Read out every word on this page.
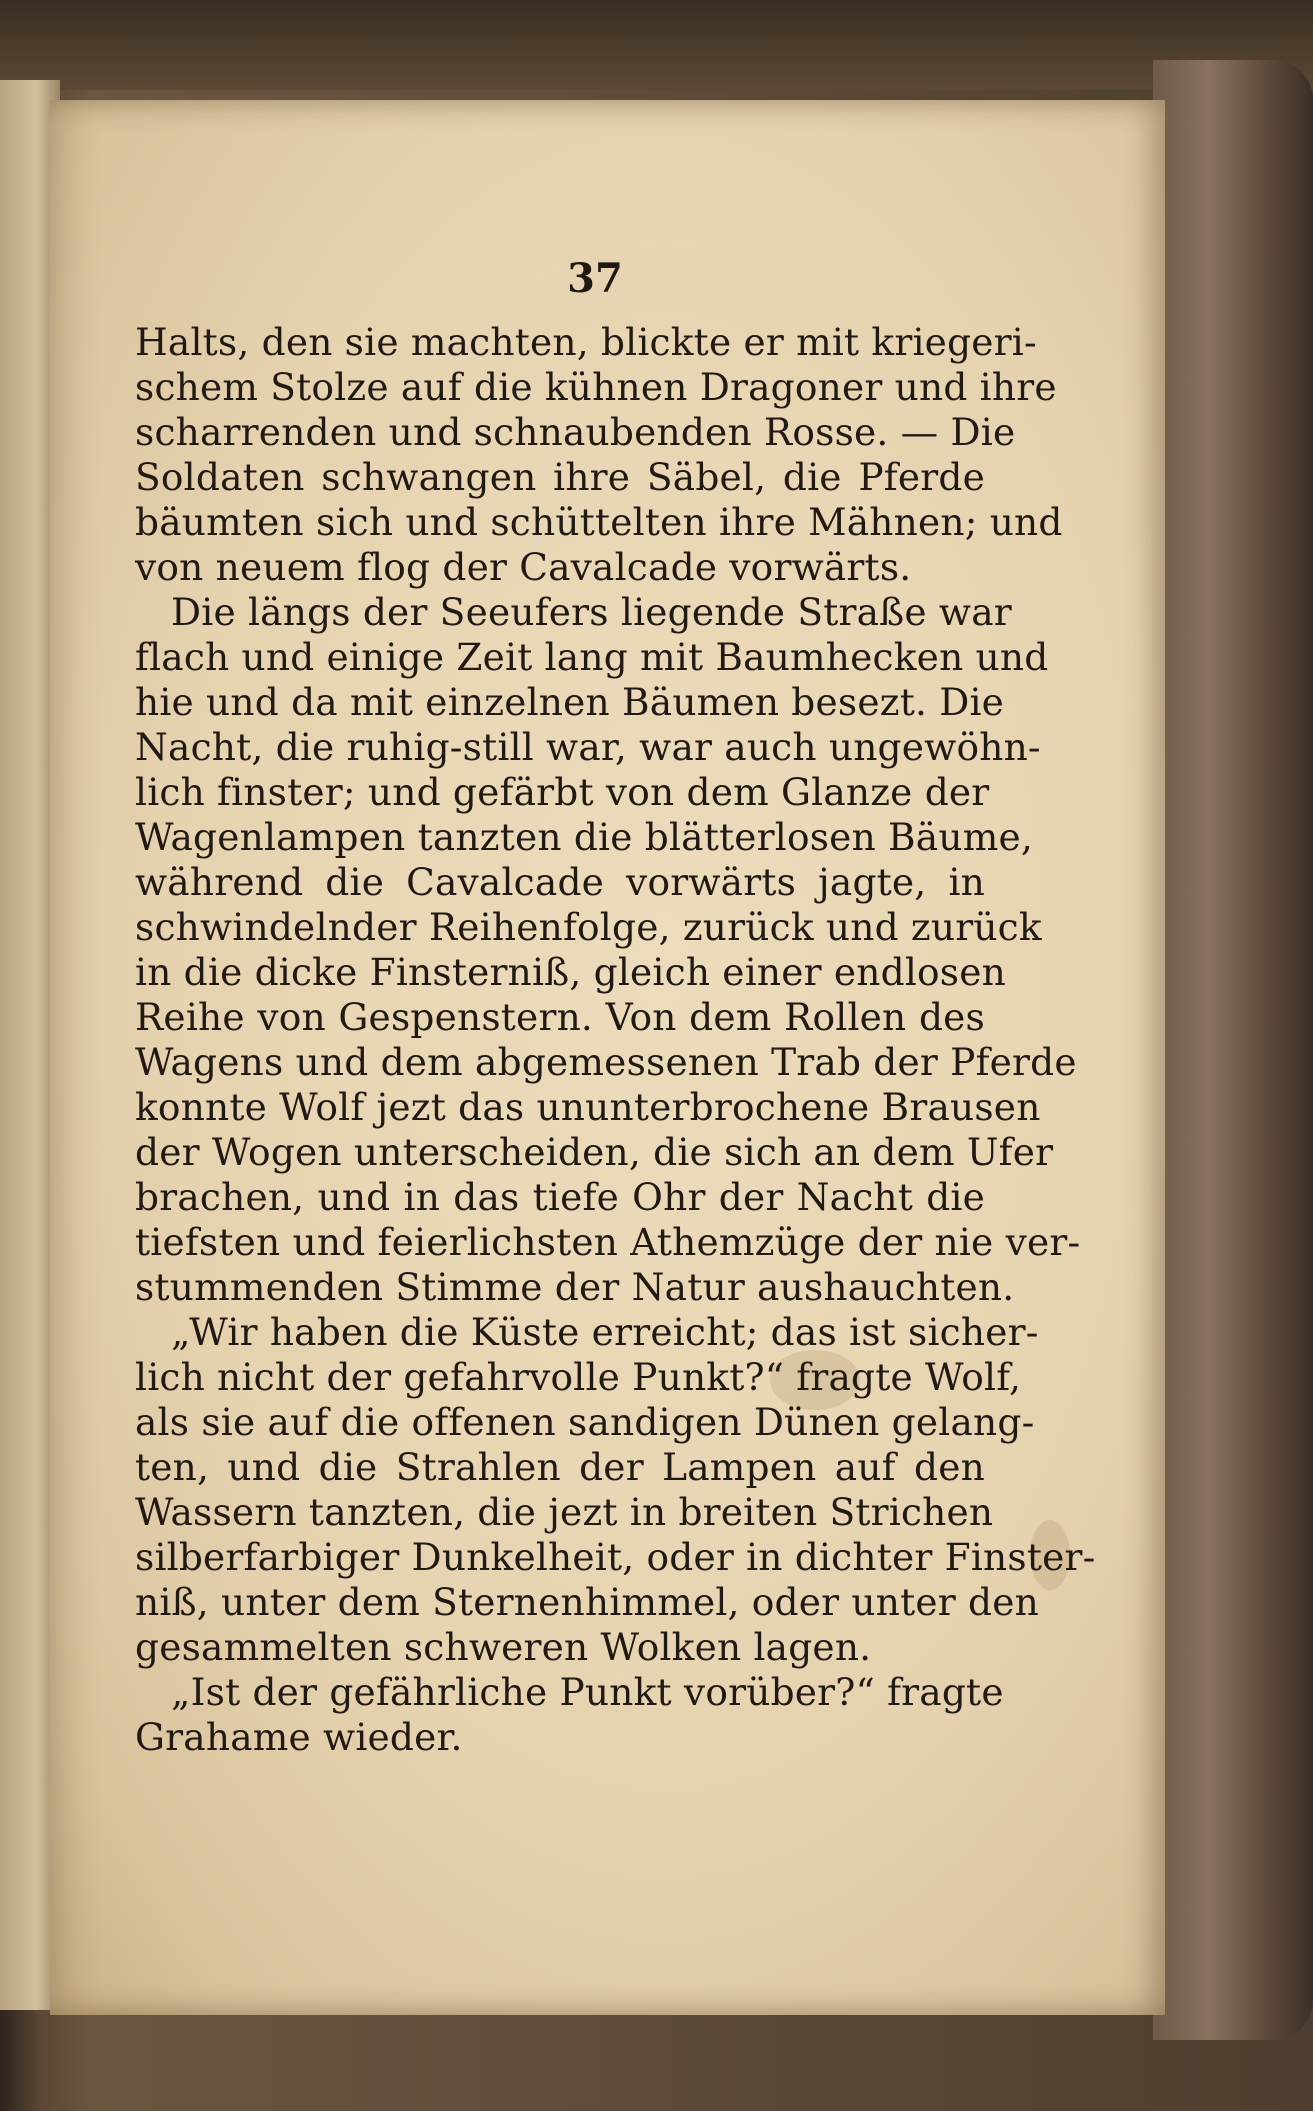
37
Halts, den sie machten, blickte er mit kriegeri-
schem Stolze auf die kühnen Dragoner und ihre
scharrenden und schnaubenden Rosse. — Die
Soldaten schwangen ihre Säbel, die Pferde
bäumten sich und schüttelten ihre Mähnen; und
von neuem flog der Cavalcade vorwärts.
Die längs der Seeufers liegende Straße war
flach und einige Zeit lang mit Baumhecken und
hie und da mit einzelnen Bäumen besezt. Die
Nacht, die ruhig-still war, war auch ungewöhn-
lich finster; und gefärbt von dem Glanze der
Wagenlampen tanzten die blätterlosen Bäume,
während die Cavalcade vorwärts jagte, in
schwindelnder Reihenfolge, zurück und zurück
in die dicke Finsterniß, gleich einer endlosen
Reihe von Gespenstern. Von dem Rollen des
Wagens und dem abgemessenen Trab der Pferde
konnte Wolf jezt das ununterbrochene Brausen
der Wogen unterscheiden, die sich an dem Ufer
brachen, und in das tiefe Ohr der Nacht die
tiefsten und feierlichsten Athemzüge der nie ver-
stummenden Stimme der Natur aushauchten.
„Wir haben die Küste erreicht; das ist sicher-
lich nicht der gefahrvolle Punkt?“ fragte Wolf,
als sie auf die offenen sandigen Dünen gelang-
ten, und die Strahlen der Lampen auf den
Wassern tanzten, die jezt in breiten Strichen
silberfarbiger Dunkelheit, oder in dichter Finster-
niß, unter dem Sternenhimmel, oder unter den
gesammelten schweren Wolken lagen.
„Ist der gefährliche Punkt vorüber?“ fragte
Grahame wieder.
